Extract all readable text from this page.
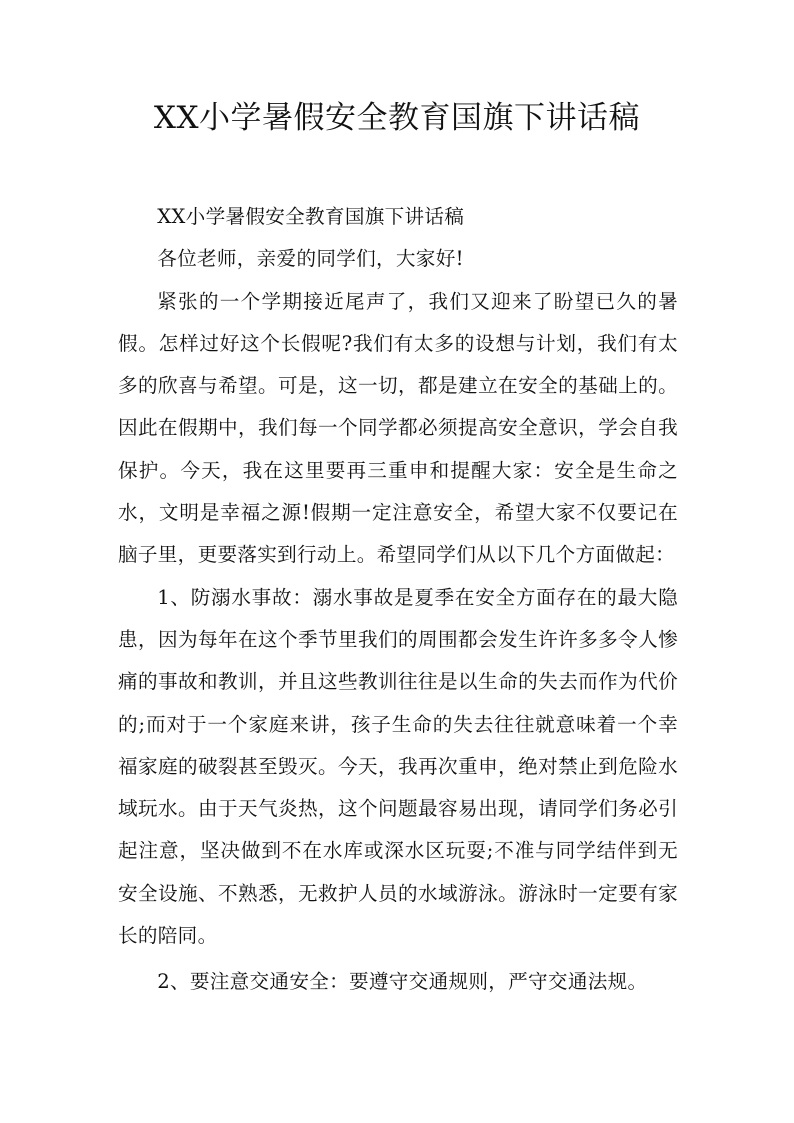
XX小学暑假安全教育国旗下讲话稿

XX小学暑假安全教育国旗下讲话稿

各位老师，亲爱的同学们，大家好!

紧张的一个学期接近尾声了，我们又迎来了盼望已久的暑假。怎样过好这个长假呢?我们有太多的设想与计划，我们有太多的欣喜与希望。可是，这一切，都是建立在安全的基础上的。因此在假期中，我们每一个同学都必须提高安全意识，学会自我保护。今天，我在这里要再三重申和提醒大家：安全是生命之水，文明是幸福之源!假期一定注意安全，希望大家不仅要记在脑子里，更要落实到行动上。希望同学们从以下几个方面做起：

1、防溺水事故：溺水事故是夏季在安全方面存在的最大隐患，因为每年在这个季节里我们的周围都会发生许许多多令人惨痛的事故和教训，并且这些教训往往是以生命的失去而作为代价的;而对于一个家庭来讲，孩子生命的失去往往就意味着一个幸福家庭的破裂甚至毁灭。今天，我再次重申，绝对禁止到危险水域玩水。由于天气炎热，这个问题最容易出现，请同学们务必引起注意，坚决做到不在水库或深水区玩耍;不准与同学结伴到无安全设施、不熟悉，无救护人员的水域游泳。游泳时一定要有家长的陪同。

2、要注意交通安全：要遵守交通规则，严守交通法规。
